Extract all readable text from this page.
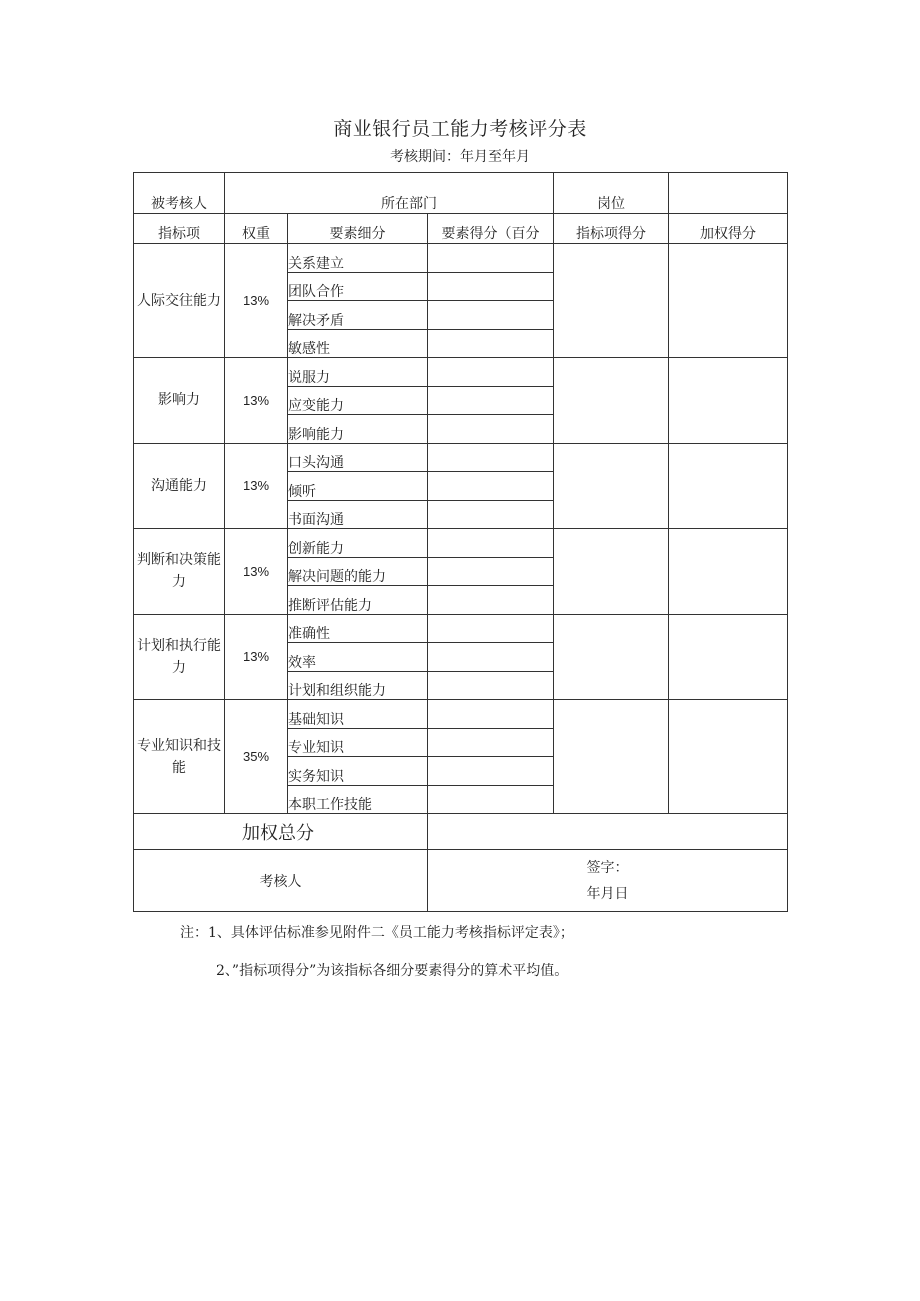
商业银行员工能力考核评分表
考核期间：年月至年月
被考核人	所在部门			岗位	
指标项	权重	要素细分	要素得分（百分	指标项得分	加权得分
人际交往能力	13%	关系建立			
		团队合作			
		解决矛盾			
		敏感性			
影响力	13%	说服力			
		应变能力			
		影响能力			
沟通能力	13%	口头沟通			
		倾听			
		书面沟通			
判断和决策能力	13%	创新能力			
		解决问题的能力			
		推断评估能力			
计划和执行能力	13%	准确性			
		效率			
		计划和组织能力			
专业知识和技能	35%	基础知识			
		专业知识			
		实务知识			
		本职工作技能			
加权总分					
考核人			签字：
年月日		
注：1、具体评估标准参见附件二《员工能力考核指标评定表》；
2、”指标项得分”为该指标各细分要素得分的算术平均值。
